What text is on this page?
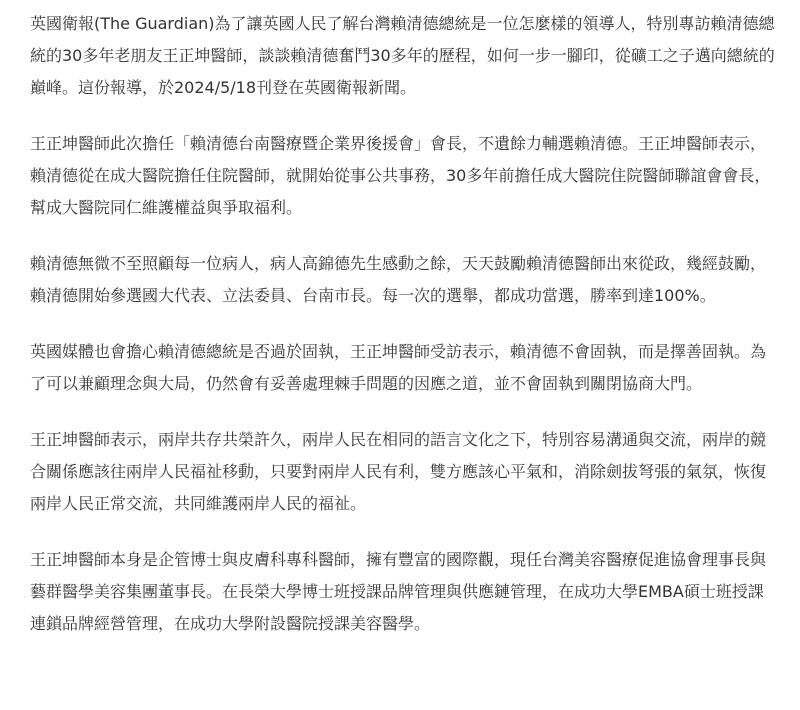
英國衛報(The Guardian)為了讓英國人民了解台灣賴清德總統是一位怎麼樣的領導人，特別專訪賴清德總統的30多年老朋友王正坤醫師，談談賴清德奮鬥30多年的歷程，如何一步一腳印，從礦工之子邁向總統的巔峰。這份報導，於2024/5/18刊登在英國衛報新聞。

王正坤醫師此次擔任「賴清德台南醫療暨企業界後援會」會長，不遺餘力輔選賴清德。王正坤醫師表示，賴清德從在成大醫院擔任住院醫師，就開始從事公共事務，30多年前擔任成大醫院住院醫師聯誼會會長，幫成大醫院同仁維護權益與爭取福利。

賴清德無微不至照顧每一位病人，病人高錦德先生感動之餘，天天鼓勵賴清德醫師出來從政，幾經鼓勵，賴清德開始參選國大代表、立法委員、台南市長。每一次的選舉，都成功當選，勝率到達100%。

英國媒體也會擔心賴清德總統是否過於固執，王正坤醫師受訪表示，賴清德不會固執，而是擇善固執。為了可以兼顧理念與大局，仍然會有妥善處理棘手問題的因應之道，並不會固執到關閉協商大門。

王正坤醫師表示，兩岸共存共榮許久，兩岸人民在相同的語言文化之下，特別容易溝通與交流，兩岸的競合關係應該往兩岸人民福祉移動，只要對兩岸人民有利，雙方應該心平氣和，消除劍拔弩張的氣氛，恢復兩岸人民正常交流，共同維護兩岸人民的福祉。

王正坤醫師本身是企管博士與皮膚科專科醫師，擁有豐富的國際觀，現任台灣美容醫療促進協會理事長與藝群醫學美容集團董事長。在長榮大學博士班授課品牌管理與供應鏈管理，在成功大學EMBA碩士班授課連鎖品牌經營管理，在成功大學附設醫院授課美容醫學。
